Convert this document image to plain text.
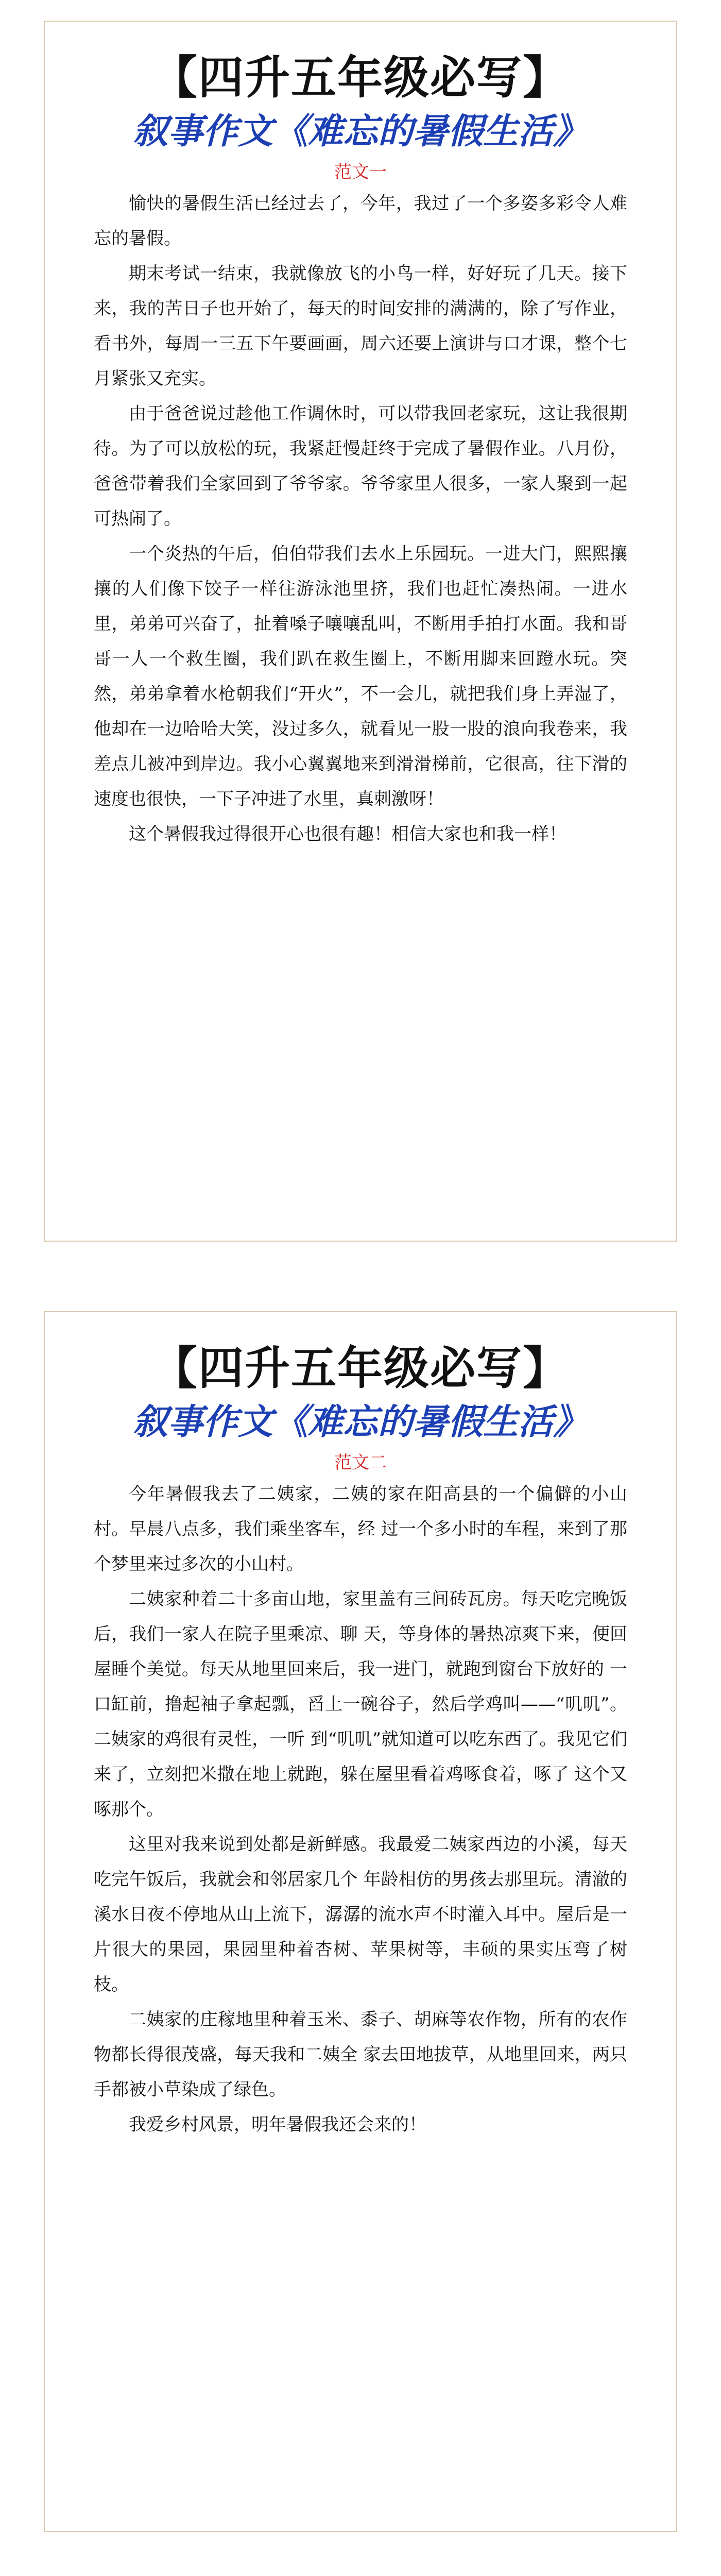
【四升五年级必写】
叙事作文《难忘的暑假生活》
范文一

愉快的暑假生活已经过去了，今年，我过了一个多姿多彩令人难忘的暑假。

期末考试一结束，我就像放飞的小鸟一样，好好玩了几天。接下来，我的苦日子也开始了，每天的时间安排的满满的，除了写作业，看书外，每周一三五下午要画画，周六还要上演讲与口才课，整个七月紧张又充实。

由于爸爸说过趁他工作调休时，可以带我回老家玩，这让我很期待。为了可以放松的玩，我紧赶慢赶终于完成了暑假作业。八月份，爸爸带着我们全家回到了爷爷家。爷爷家里人很多，一家人聚到一起可热闹了。

一个炎热的午后，伯伯带我们去水上乐园玩。一进大门，熙熙攘攘的人们像下饺子一样往游泳池里挤，我们也赶忙凑热闹。一进水里，弟弟可兴奋了，扯着嗓子嚷嚷乱叫，不断用手拍打水面。我和哥哥一人一个救生圈，我们趴在救生圈上，不断用脚来回蹬水玩。突然，弟弟拿着水枪朝我们“开火”，不一会儿，就把我们身上弄湿了，他却在一边哈哈大笑，没过多久，就看见一股一股的浪向我卷来，我差点儿被冲到岸边。我小心翼翼地来到滑滑梯前，它很高，往下滑的速度也很快，一下子冲进了水里，真刺激呀！

这个暑假我过得很开心也很有趣！相信大家也和我一样！

【四升五年级必写】
叙事作文《难忘的暑假生活》
范文二

今年暑假我去了二姨家，二姨的家在阳高县的一个偏僻的小山村。早晨八点多，我们乘坐客车，经 过一个多小时的车程，来到了那个梦里来过多次的小山村。

二姨家种着二十多亩山地，家里盖有三间砖瓦房。每天吃完晚饭后，我们一家人在院子里乘凉、聊 天，等身体的暑热凉爽下来，便回屋睡个美觉。每天从地里回来后，我一进门，就跑到窗台下放好的 一口缸前，撸起袖子拿起瓢，舀上一碗谷子，然后学鸡叫——“叽叽”。二姨家的鸡很有灵性，一听 到“叽叽”就知道可以吃东西了。我见它们来了，立刻把米撒在地上就跑，躲在屋里看着鸡啄食着，啄了 这个又啄那个。

这里对我来说到处都是新鲜感。我最爱二姨家西边的小溪，每天吃完午饭后，我就会和邻居家几个 年龄相仿的男孩去那里玩。清澈的溪水日夜不停地从山上流下，潺潺的流水声不时灌入耳中。屋后是一 片很大的果园，果园里种着杏树、苹果树等，丰硕的果实压弯了树枝。

二姨家的庄稼地里种着玉米、黍子、胡麻等农作物，所有的农作物都长得很茂盛，每天我和二姨全 家去田地拔草，从地里回来，两只手都被小草染成了绿色。

我爱乡村风景，明年暑假我还会来的！
